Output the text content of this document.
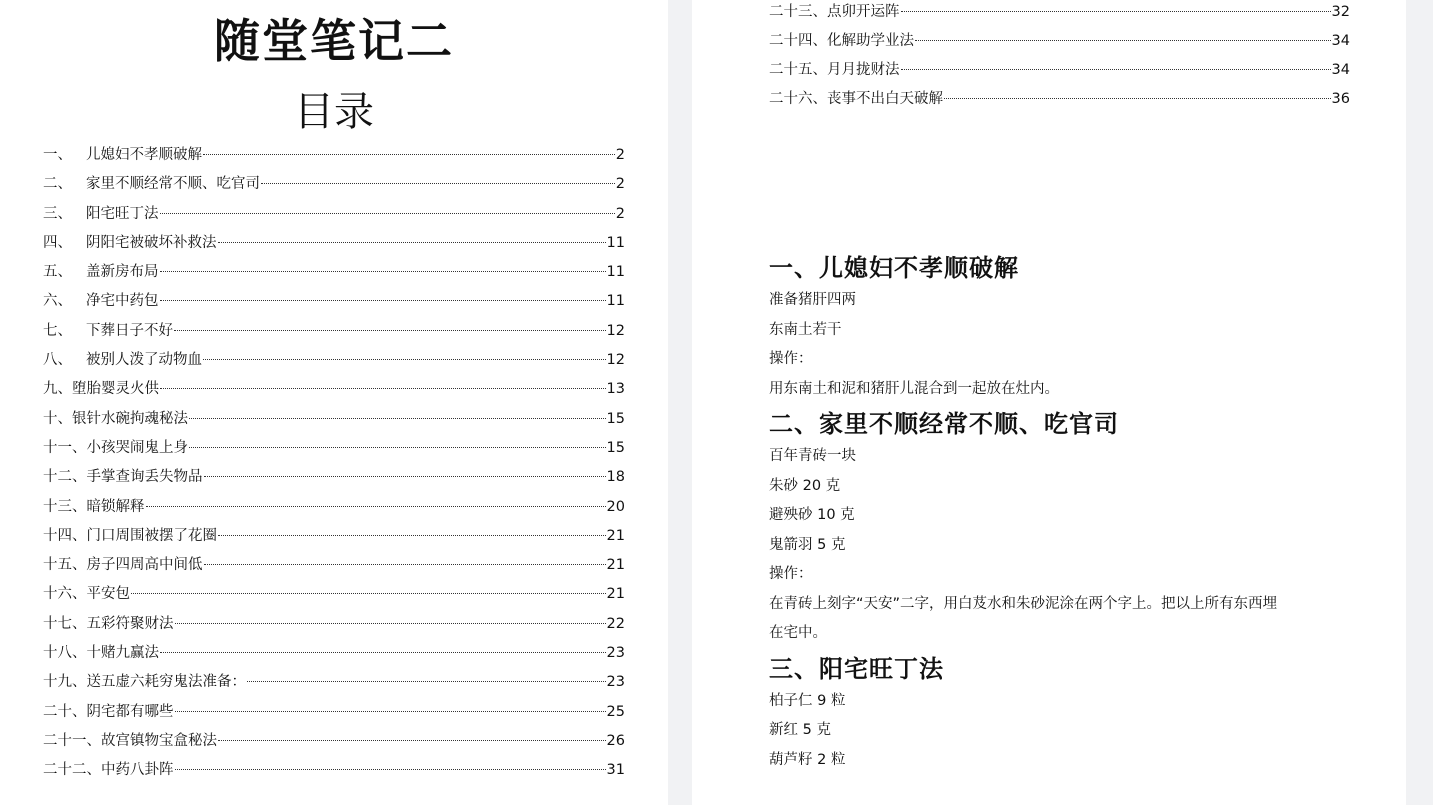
随堂笔记二
目录
一、 儿媳妇不孝顺破解	2
二、 家里不顺经常不顺、吃官司	2
三、 阳宅旺丁法	2
四、 阴阳宅被破坏补救法	11
五、 盖新房布局	11
六、 净宅中药包	11
七、 下葬日子不好	12
八、 被别人泼了动物血	12
九、堕胎婴灵火供	13
十、银针水碗拘魂秘法	15
十一、小孩哭闹鬼上身	15
十二、手掌查询丢失物品	18
十三、暗锁解释	20
十四、门口周围被摆了花圈	21
十五、房子四周高中间低	21
十六、平安包	21
十七、五彩符聚财法	22
十八、十赌九赢法	23
十九、送五虚六耗穷鬼法准备：	23
二十、阴宅都有哪些	25
二十一、故宫镇物宝盒秘法	26
二十二、中药八卦阵	31
二十三、点卯开运阵	32
二十四、化解助学业法	34
二十五、月月拢财法	34
二十六、丧事不出白天破解	36
一、儿媳妇不孝顺破解

准备猪肝四两

东南土若干

操作：

用东南土和泥和猪肝儿混合到一起放在灶内。

二、家里不顺经常不顺、吃官司

百年青砖一块

朱砂 20 克

避殃砂 10 克

鬼箭羽 5 克

操作：

在青砖上刻字“天安”二字，用白芨水和朱砂泥涂在两个字上。把以上所有东西埋

在宅中。

三、阳宅旺丁法

柏子仁 9 粒

新红 5 克

葫芦籽 2 粒
